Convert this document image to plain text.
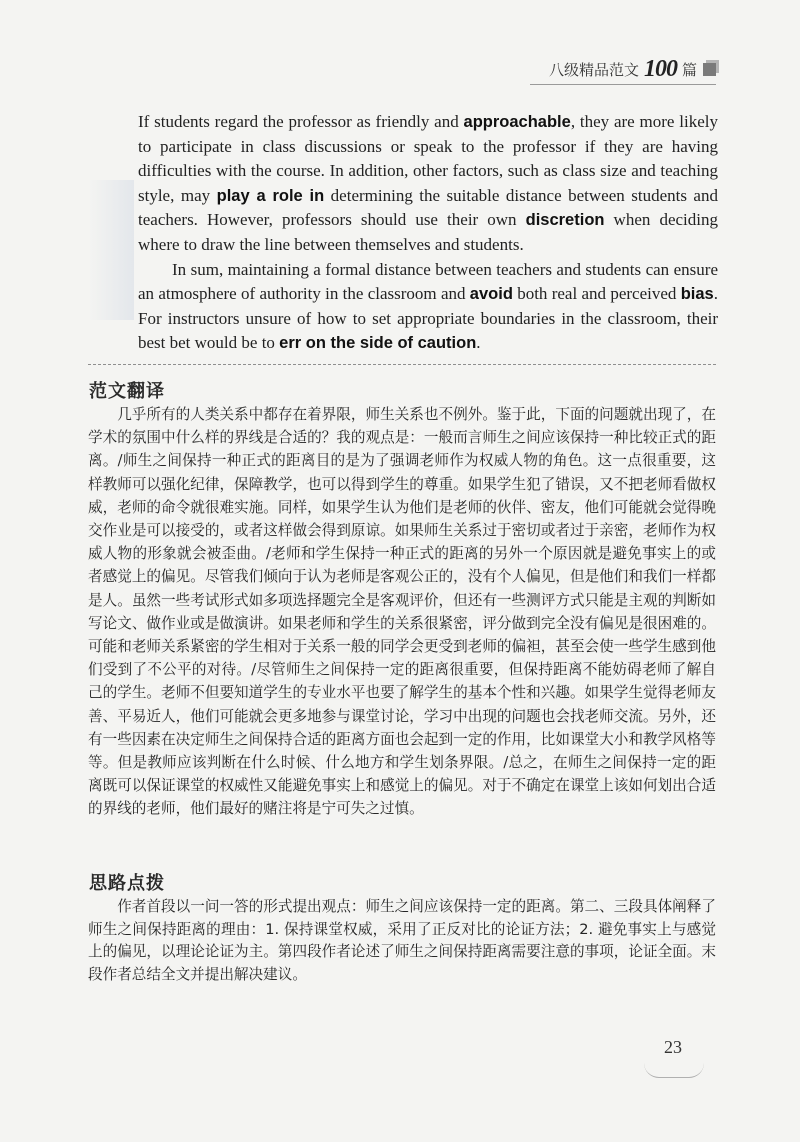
八级精品范文 100 篇

If students regard the professor as friendly and approachable, they are more likely to participate in class discussions or speak to the professor if they are having difficulties with the course. In addition, other factors, such as class size and teaching style, may play a role in determining the suitable distance between students and teachers. However, professors should use their own discretion when deciding where to draw the line between themselves and students.

In sum, maintaining a formal distance between teachers and students can ensure an atmosphere of authority in the classroom and avoid both real and perceived bias. For instructors unsure of how to set appropriate boundaries in the classroom, their best bet would be to err on the side of caution.

范文翻译

几乎所有的人类关系中都存在着界限，师生关系也不例外。鉴于此，下面的问题就出现了，在学术的氛围中什么样的界线是合适的？我的观点是：一般而言师生之间应该保持一种比较正式的距离。/师生之间保持一种正式的距离目的是为了强调老师作为权威人物的角色。这一点很重要，这样教师可以强化纪律，保障教学，也可以得到学生的尊重。如果学生犯了错误，又不把老师看做权威，老师的命令就很难实施。同样，如果学生认为他们是老师的伙伴、密友，他们可能就会觉得晚交作业是可以接受的，或者这样做会得到原谅。如果师生关系过于密切或者过于亲密，老师作为权威人物的形象就会被歪曲。/老师和学生保持一种正式的距离的另外一个原因就是避免事实上的或者感觉上的偏见。尽管我们倾向于认为老师是客观公正的，没有个人偏见，但是他们和我们一样都是人。虽然一些考试形式如多项选择题完全是客观评价，但还有一些测评方式只能是主观的判断如写论文、做作业或是做演讲。如果老师和学生的关系很紧密，评分做到完全没有偏见是很困难的。可能和老师关系紧密的学生相对于关系一般的同学会更受到老师的偏袒，甚至会使一些学生感到他们受到了不公平的对待。/尽管师生之间保持一定的距离很重要，但保持距离不能妨碍老师了解自己的学生。老师不但要知道学生的专业水平也要了解学生的基本个性和兴趣。如果学生觉得老师友善、平易近人，他们可能就会更多地参与课堂讨论，学习中出现的问题也会找老师交流。另外，还有一些因素在决定师生之间保持合适的距离方面也会起到一定的作用，比如课堂大小和教学风格等等。但是教师应该判断在什么时候、什么地方和学生划条界限。/总之，在师生之间保持一定的距离既可以保证课堂的权威性又能避免事实上和感觉上的偏见。对于不确定在课堂上该如何划出合适的界线的老师，他们最好的赌注将是宁可失之过慎。

思路点拨

作者首段以一问一答的形式提出观点：师生之间应该保持一定的距离。第二、三段具体阐释了师生之间保持距离的理由：1. 保持课堂权威，采用了正反对比的论证方法；2. 避免事实上与感觉上的偏见，以理论论证为主。第四段作者论述了师生之间保持距离需要注意的事项，论证全面。末段作者总结全文并提出解决建议。

23
